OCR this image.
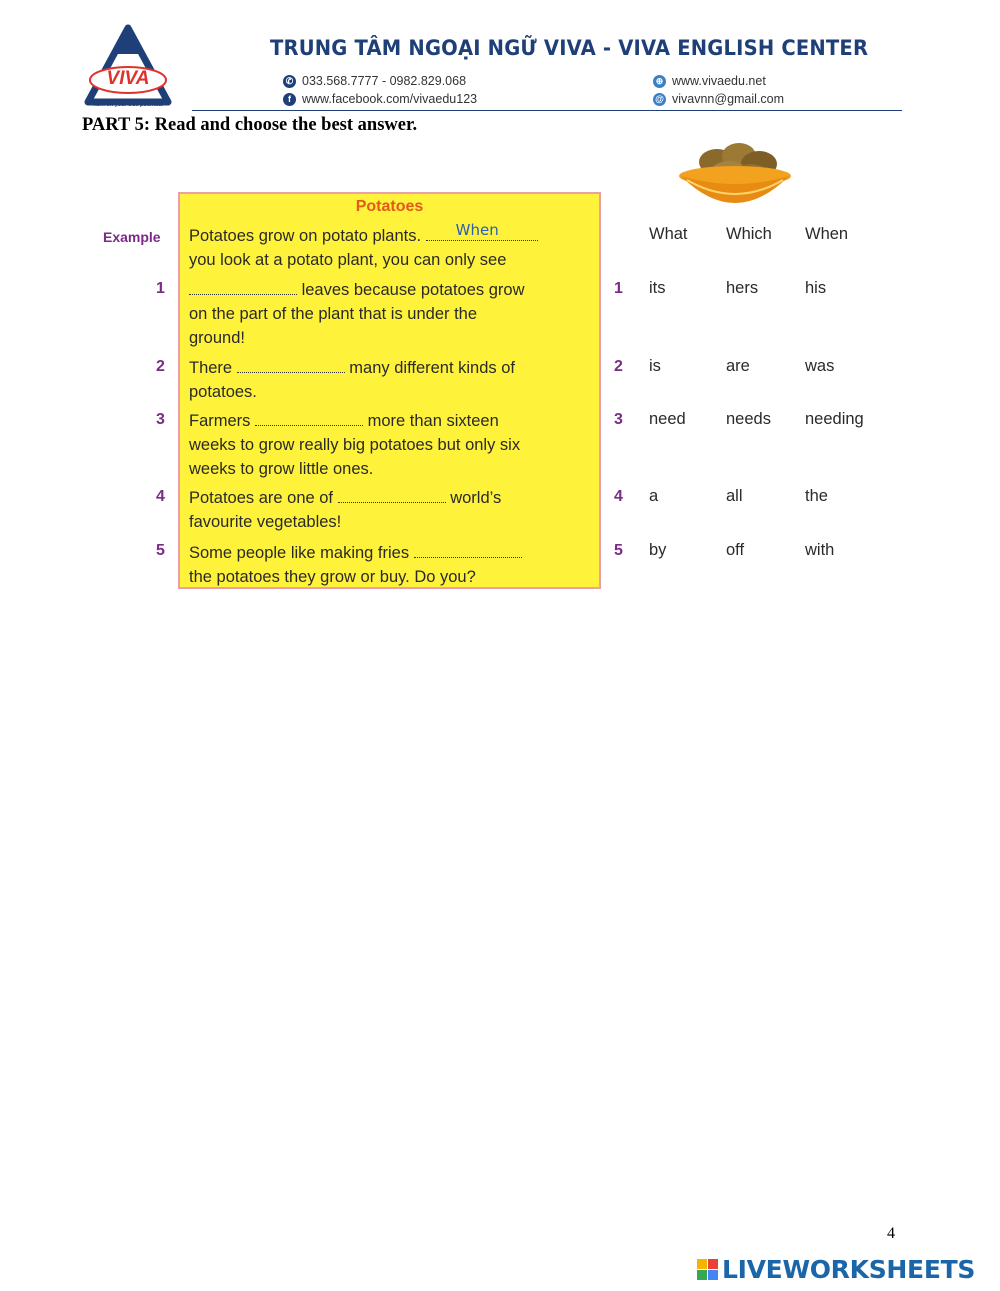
VIVA
Turn on your true potential
TRUNG TÂM NGOẠI NGỮ VIVA - VIVA ENGLISH CENTER
✆ 033.568.7777 - 0982.829.068
f www.facebook.com/vivaedu123
⊕ www.vivaedu.net
@ vivavnn@gmail.com
PART 5: Read and choose the best answer.
Potatoes
Example Potatoes grow on potato plants. When
you look at a potato plant, you can only see
1	leaves because potatoes grow
on the part of the plant that is under the
ground!
2 There	many different kinds of
potatoes.
3 Farmers	more than sixteen
weeks to grow really big potatoes but only six
weeks to grow little ones.
4 Potatoes are one of	world’s
favourite vegetables!
5 Some people like making fries
the potatoes they grow or buy. Do you?
What Which When
1 its	hers	his
2 is	are	was
3 need needs needing
4 a	all	the
5 by	off	with
4
LIVEWORKSHEETS
